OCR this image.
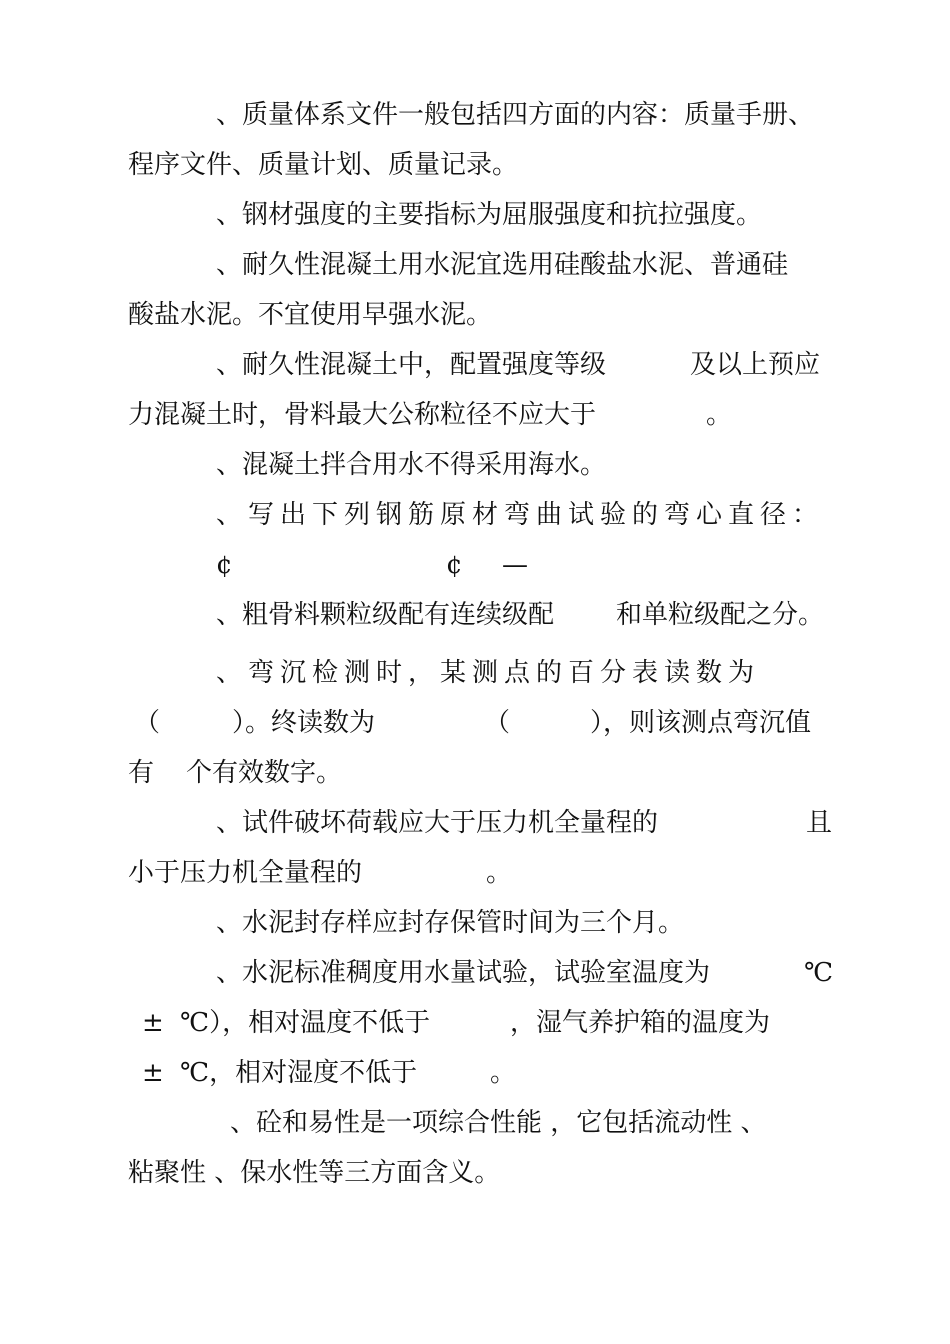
、质量体系文件一般包括四方面的内容：质量手册、
程序文件、质量计划、质量记录。
、钢材强度的主要指标为屈服强度和抗拉强度。
、耐久性混凝土用水泥宜选用硅酸盐水泥、普通硅
酸盐水泥。不宜使用早强水泥。
、耐久性混凝土中，配置强度等级	及以上预应
力混凝土时，骨料最大公称粒径不应大于	。
、混凝土拌合用水不得采用海水。
、写出下列钢筋原材弯曲试验的弯心直径：
¢	¢ —
、粗骨料颗粒级配有连续级配 和单粒级配之分。
、弯沉检测时，某测点的百分表读数为
（	）。终读数为	（	），则该测点弯沉值
有 个有效数字。
、试件破坏荷载应大于压力机全量程的	且
小于压力机全量程的	。
、水泥封存样应封存保管时间为三个月。
、水泥标准稠度用水量试验，试验室温度为	℃
± ℃），相对温度不低于	，湿气养护箱的温度为
± ℃，相对湿度不低于	。
、砼和易性是一项综合性能 ，它包括流动性 、
粘聚性 、保水性等三方面含义。
